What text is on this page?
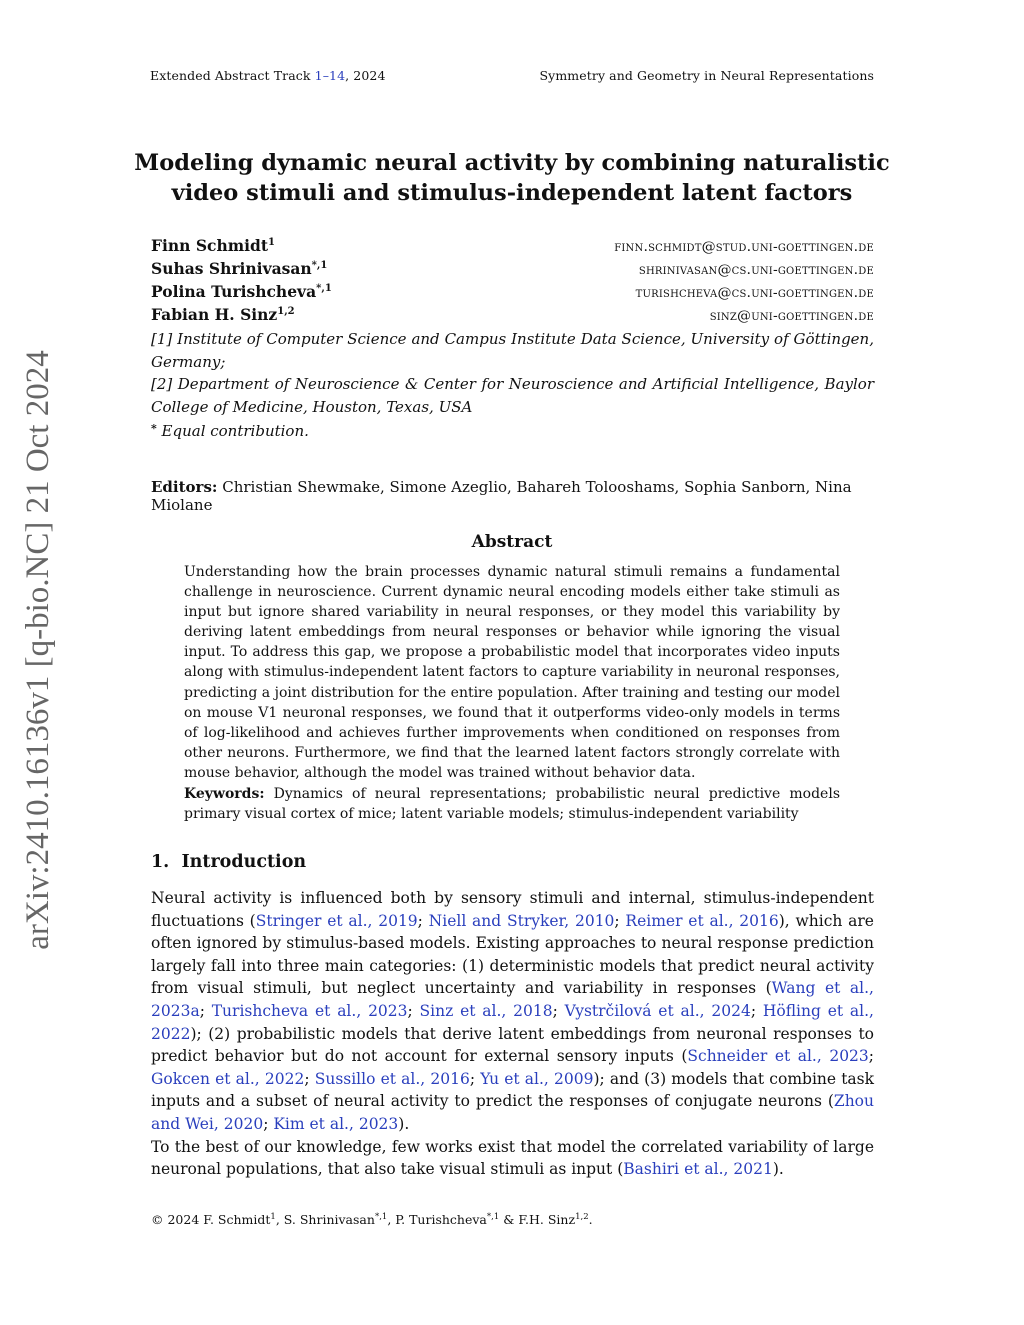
Extended Abstract Track 1–14, 2024	Symmetry and Geometry in Neural Representations
arXiv:2410.16136v1 [q-bio.NC] 21 Oct 2024
Modeling dynamic neural activity by combining naturalistic
video stimuli and stimulus-independent latent factors
Finn Schmidt$^1$	finn.schmidt@stud.uni-goettingen.de
Suhas Shrinivasan$^{*,1}$	shrinivasan@cs.uni-goettingen.de
Polina Turishcheva$^{*,1}$	turishcheva@cs.uni-goettingen.de
Fabian H. Sinz$^{1,2}$	sinz@uni-goettingen.de
[1] Institute of Computer Science and Campus Institute Data Science, University of Göttingen, Germany;
[2] Department of Neuroscience & Center for Neuroscience and Artificial Intelligence, Baylor College of Medicine, Houston, Texas, USA
* Equal contribution.
Editors: Christian Shewmake, Simone Azeglio, Bahareh Tolooshams, Sophia Sanborn, Nina Miolane
Abstract
Understanding how the brain processes dynamic natural stimuli remains a fundamental challenge in neuroscience. Current dynamic neural encoding models either take stimuli as input but ignore shared variability in neural responses, or they model this variability by deriving latent embeddings from neural responses or behavior while ignoring the visual input. To address this gap, we propose a probabilistic model that incorporates video inputs along with stimulus-independent latent factors to capture variability in neuronal responses, predicting a joint distribution for the entire population. After training and testing our model on mouse V1 neuronal responses, we found that it outperforms video-only models in terms of log-likelihood and achieves further improvements when conditioned on responses from other neurons. Furthermore, we find that the learned latent factors strongly correlate with mouse behavior, although the model was trained without behavior data.
Keywords: Dynamics of neural representations; probabilistic neural predictive models primary visual cortex of mice; latent variable models; stimulus-independent variability
1. Introduction

Neural activity is influenced both by sensory stimuli and internal, stimulus-independent fluctuations (Stringer et al., 2019; Niell and Stryker, 2010; Reimer et al., 2016), which are often ignored by stimulus-based models. Existing approaches to neural response prediction largely fall into three main categories: (1) deterministic models that predict neural activity from visual stimuli, but neglect uncertainty and variability in responses (Wang et al., 2023a; Turishcheva et al., 2023; Sinz et al., 2018; Vystrčilová et al., 2024; Höfling et al., 2022); (2) probabilistic models that derive latent embeddings from neuronal responses to predict behavior but do not account for external sensory inputs (Schneider et al., 2023; Gokcen et al., 2022; Sussillo et al., 2016; Yu et al., 2009); and (3) models that combine task inputs and a subset of neural activity to predict the responses of conjugate neurons (Zhou and Wei, 2020; Kim et al., 2023).

To the best of our knowledge, few works exist that model the correlated variability of large neuronal populations, that also take visual stimuli as input (Bashiri et al., 2021).

© 2024 F. Schmidt$^1$, S. Shrinivasan$^{*,1}$, P. Turishcheva$^{*,1}$ & F.H. Sinz$^{1,2}$.
